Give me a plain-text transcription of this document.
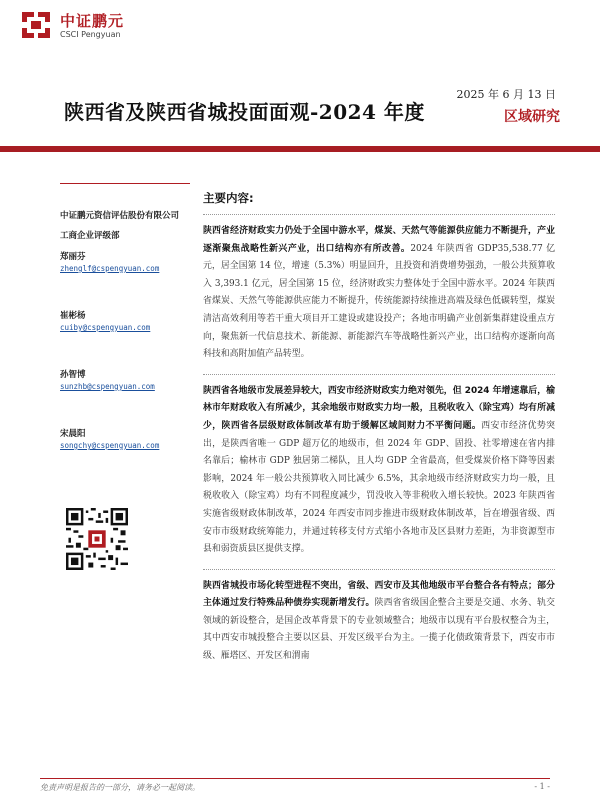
中证鹏元
CSCI Pengyuan
2025 年 6 月 13 日
陕西省及陕西省城投面面观-2024 年度	区域研究
中证鹏元资信评估股份有限公司
工商企业评级部
郑丽芬
zhenglf@cspengyuan.com
崔彬杨
cuiby@cspengyuan.com
孙智博
sunzhb@cspengyuan.com
宋晨阳
songchy@cspengyuan.com
主要内容:
陕西省经济财政实力仍处于全国中游水平，煤炭、天然气等能源供应能力不断提升，产业逐渐聚焦战略性新兴产业，出口结构亦有所改善。2024 年陕西省 GDP35,538.77 亿元，居全国第 14 位，增速（5.3%）明显回升，且投资和消费增势强劲，一般公共预算收入 3,393.1 亿元，居全国第 15 位，经济财政实力整体处于全国中游水平。2024 年陕西省煤炭、天然气等能源供应能力不断提升，传统能源持续推进高端及绿色低碳转型，煤炭清洁高效利用等若干重大项目开工建设或建设投产；各地市明确产业创新集群建设重点方向，聚焦新一代信息技术、新能源、新能源汽车等战略性新兴产业，出口结构亦逐渐向高科技和高附加值产品转型。
陕西省各地级市发展差异较大，西安市经济财政实力绝对领先，但 2024 年增速靠后，榆林市年财政收入有所减少，其余地级市财政实力均一般，且税收收入（除宝鸡）均有所减少，陕西省各层级财政体制改革有助于缓解区域间财力不平衡问题。西安市经济优势突出，是陕西省唯一 GDP 超万亿的地级市，但 2024 年 GDP、固投、社零增速在省内排名靠后；榆林市 GDP 独居第二梯队，且人均 GDP 全省最高，但受煤炭价格下降等因素影响，2024 年一般公共预算收入同比减少 6.5%，其余地级市经济财政实力均一般，且税收收入（除宝鸡）均有不同程度减少，罚没收入等非税收入增长较快。2023 年陕西省实施省级财政体制改革，2024 年西安市同步推进市级财政体制改革，旨在增强省级、西安市市级财政统筹能力，并通过转移支付方式缩小各地市及区县财力差距，为非资源型市县和弱资质县区提供支撑。
陕西省城投市场化转型进程不突出，省级、西安市及其他地级市平台整合各有特点；部分主体通过发行特殊品种债券实现新增发行。陕西省省级国企整合主要是交通、水务、轨交领域的新设整合，是国企改革背景下的专业领域整合；地级市以现有平台股权整合为主，其中西安市城投整合主要以区县、开发区级平台为主。一揽子化债政策背景下，西安市市级、雁塔区、开发区和渭南
免责声明是报告的一部分，请务必一起阅读。	- 1 -
